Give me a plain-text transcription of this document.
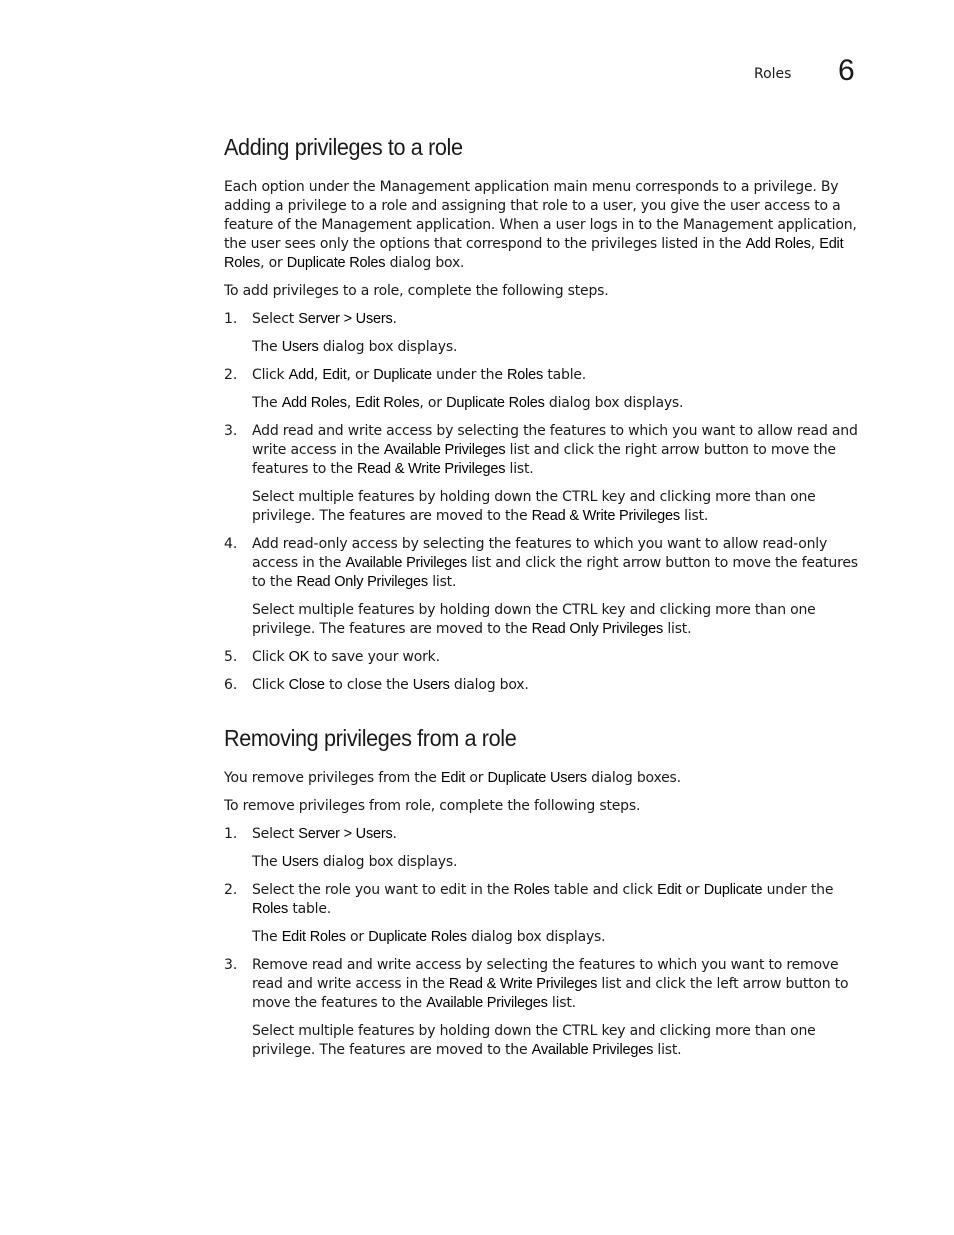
Roles 6
Adding privileges to a role

Each option under the Management application main menu corresponds to a privilege. By adding a privilege to a role and assigning that role to a user, you give the user access to a feature of the Management application. When a user logs in to the Management application, the user sees only the options that correspond to the privileges listed in the Add Roles, Edit Roles, or Duplicate Roles dialog box.

To add privileges to a role, complete the following steps.

1. Select Server > Users.

The Users dialog box displays.

2. Click Add, Edit, or Duplicate under the Roles table.

The Add Roles, Edit Roles, or Duplicate Roles dialog box displays.

3. Add read and write access by selecting the features to which you want to allow read and write access in the Available Privileges list and click the right arrow button to move the features to the Read & Write Privileges list.

Select multiple features by holding down the CTRL key and clicking more than one privilege. The features are moved to the Read & Write Privileges list.

4. Add read-only access by selecting the features to which you want to allow read-only access in the Available Privileges list and click the right arrow button to move the features to the Read Only Privileges list.

Select multiple features by holding down the CTRL key and clicking more than one privilege. The features are moved to the Read Only Privileges list.

5. Click OK to save your work.

6. Click Close to close the Users dialog box.

Removing privileges from a role

You remove privileges from the Edit or Duplicate Users dialog boxes.

To remove privileges from role, complete the following steps.

1. Select Server > Users.

The Users dialog box displays.

2. Select the role you want to edit in the Roles table and click Edit or Duplicate under the Roles table.

The Edit Roles or Duplicate Roles dialog box displays.

3. Remove read and write access by selecting the features to which you want to remove read and write access in the Read & Write Privileges list and click the left arrow button to move the features to the Available Privileges list.

Select multiple features by holding down the CTRL key and clicking more than one privilege. The features are moved to the Available Privileges list.
